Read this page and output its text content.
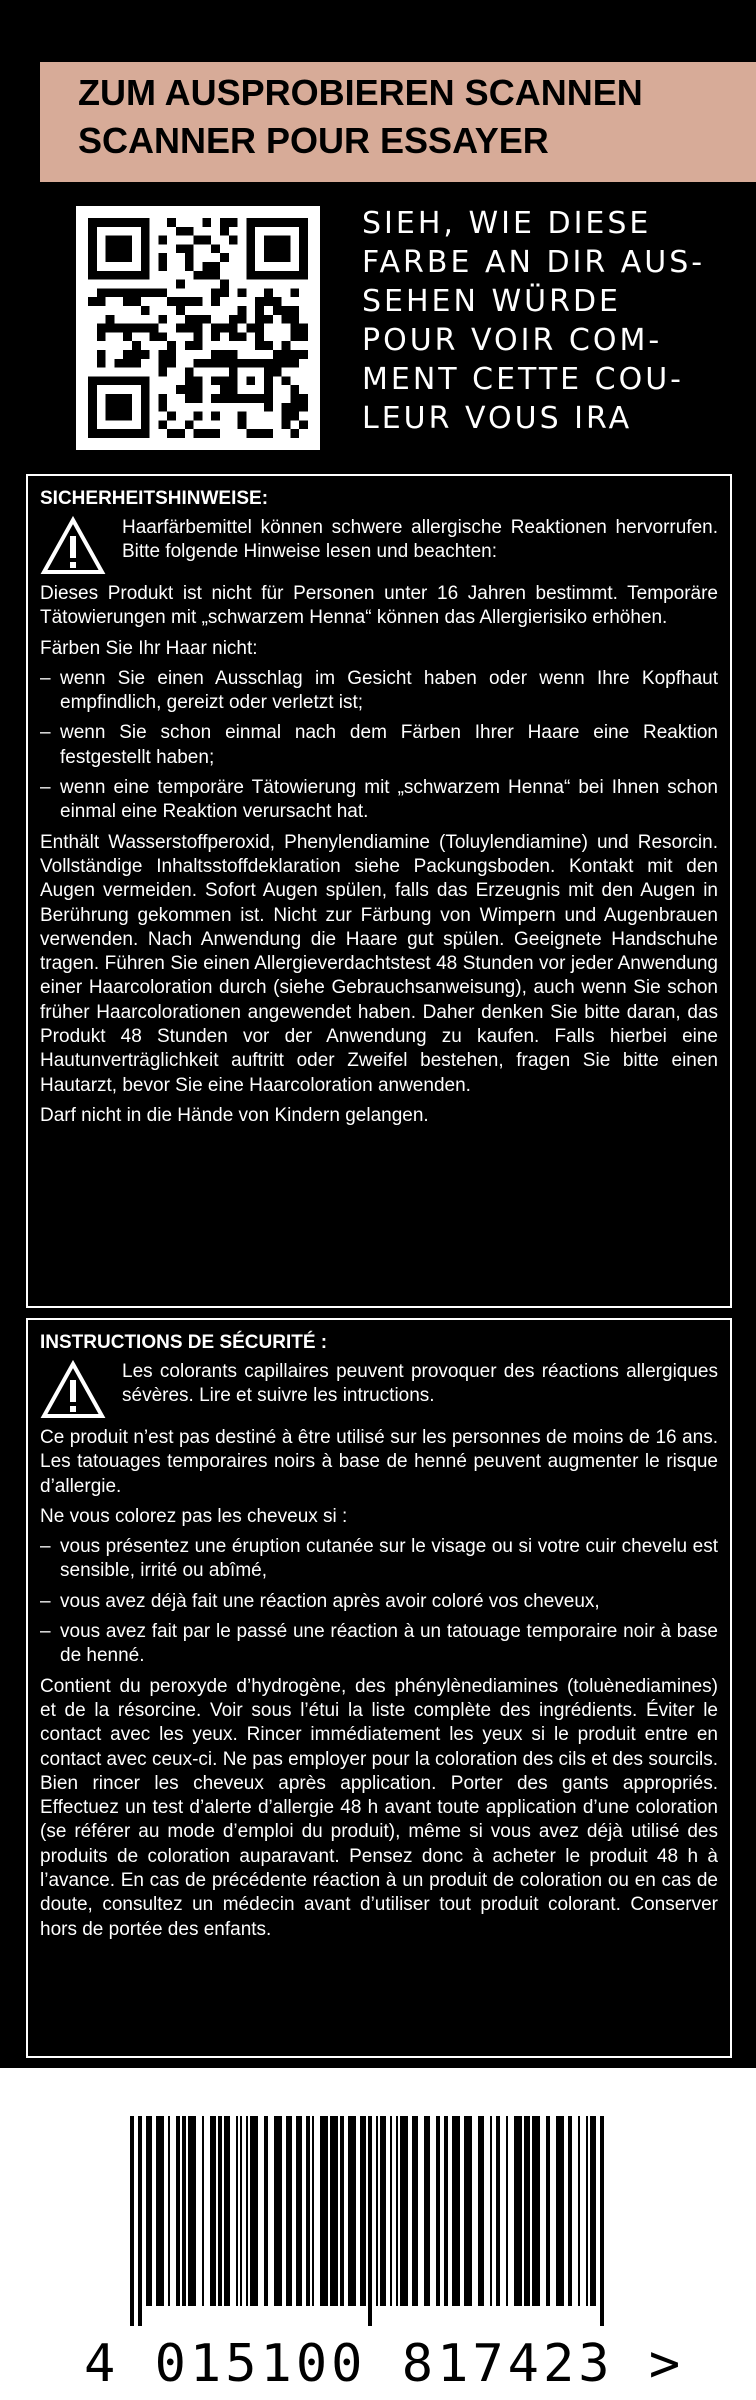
ZUM AUSPROBIEREN SCANNEN
SCANNER POUR ESSAYER
SIEH, WIE DIESE
FARBE AN DIR AUS-
SEHEN WÜRDE
POUR VOIR COM-
MENT CETTE COU-
LEUR VOUS IRA
SICHERHEITSHINWEISE:
Haarfärbemittel können schwere allergische Reaktionen hervorrufen. Bitte folgende Hinweise lesen und beachten:

Dieses Produkt ist nicht für Personen unter 16 Jahren bestimmt. Temporäre Tätowierungen mit „schwarzem Henna“ können das Allergierisiko erhöhen.

Färben Sie Ihr Haar nicht:

– wenn Sie einen Ausschlag im Gesicht haben oder wenn Ihre Kopfhaut empfindlich, gereizt oder verletzt ist;
– wenn Sie schon einmal nach dem Färben Ihrer Haare eine Reaktion festgestellt haben;
– wenn eine temporäre Tätowierung mit „schwarzem Henna“ bei Ihnen schon einmal eine Reaktion verursacht hat.

Enthält Wasserstoffperoxid, Phenylendiamine (Toluylendiamine) und Resorcin. Vollständige Inhaltsstoffdeklaration siehe Packungsboden. Kontakt mit den Augen vermeiden. Sofort Augen spülen, falls das Erzeugnis mit den Augen in Berührung gekommen ist. Nicht zur Färbung von Wimpern und Augenbrauen verwenden. Nach Anwendung die Haare gut spülen. Geeignete Handschuhe tragen. Führen Sie einen Allergieverdachtstest 48 Stunden vor jeder Anwendung einer Haarcoloration durch (siehe Gebrauchsanweisung), auch wenn Sie schon früher Haarcolorationen angewendet haben. Daher denken Sie bitte daran, das Produkt 48 Stunden vor der Anwendung zu kaufen. Falls hierbei eine Hautunverträglichkeit auftritt oder Zweifel bestehen, fragen Sie bitte einen Hautarzt, bevor Sie eine Haarcoloration anwenden.

Darf nicht in die Hände von Kindern gelangen.

INSTRUCTIONS DE SÉCURITÉ :
Les colorants capillaires peuvent provoquer des réactions allergiques sévères. Lire et suivre les intructions.

Ce produit n’est pas destiné à être utilisé sur les personnes de moins de 16 ans. Les tatouages temporaires noirs à base de henné peuvent augmenter le risque d’allergie.

Ne vous colorez pas les cheveux si :

– vous présentez une éruption cutanée sur le visage ou si votre cuir chevelu est sensible, irrité ou abîmé,
– vous avez déjà fait une réaction après avoir coloré vos cheveux,
– vous avez fait par le passé une réaction à un tatouage temporaire noir à base de henné.

Contient du peroxyde d’hydrogène, des phénylènediamines (toluènediamines) et de la résorcine. Voir sous l’étui la liste complète des ingrédients. Éviter le contact avec les yeux. Rincer immédiatement les yeux si le produit entre en contact avec ceux-ci. Ne pas employer pour la coloration des cils et des sourcils. Bien rincer les cheveux après application. Porter des gants appropriés. Effectuez un test d’alerte d’allergie 48 h avant toute application d’une coloration (se référer au mode d’emploi du produit), même si vous avez déjà utilisé des produits de coloration auparavant. Pensez donc à acheter le produit 48 h à l’avance. En cas de précédente réaction à un produit de coloration ou en cas de doute, consultez un médecin avant d’utiliser tout produit colorant. Conserver hors de portée des enfants.

4 015100 817423 >
